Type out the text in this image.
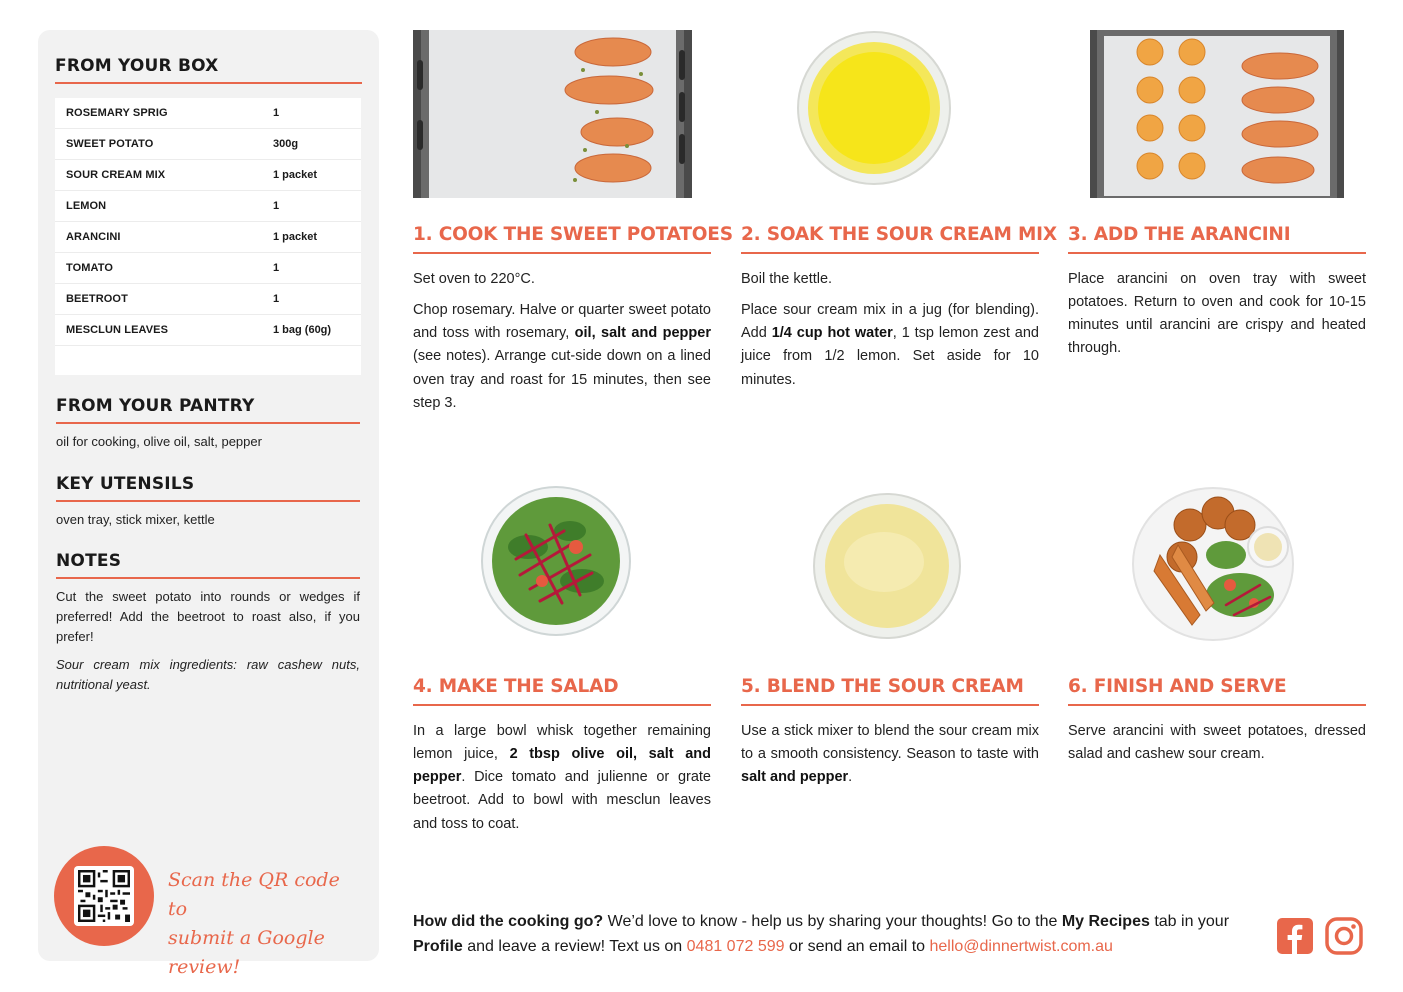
FROM YOUR BOX
ROSEMARY SPRIG	1
SWEET POTATO	300g
SOUR CREAM MIX	1 packet
LEMON	1
ARANCINI	1 packet
TOMATO	1
BEETROOT	1
MESCLUN LEAVES	1 bag (60g)
FROM YOUR PANTRY
oil for cooking, olive oil, salt, pepper
KEY UTENSILS
oven tray, stick mixer, kettle
NOTES
Cut the sweet potato into rounds or wedges if preferred! Add the beetroot to roast also, if you prefer!
Sour cream mix ingredients: raw cashew nuts, nutritional yeast.
Scan the QR code to
submit a Google review!
1. COOK THE SWEET POTATOES

Set oven to 220°C.

Chop rosemary. Halve or quarter sweet potato and toss with rosemary, oil, salt and pepper (see notes). Arrange cut-side down on a lined oven tray and roast for 15 minutes, then see step 3.

2. SOAK THE SOUR CREAM MIX

Boil the kettle.

Place sour cream mix in a jug (for blending). Add 1/4 cup hot water, 1 tsp lemon zest and juice from 1/2 lemon. Set aside for 10 minutes.

3. ADD THE ARANCINI

Place arancini on oven tray with sweet potatoes. Return to oven and cook for 10-15 minutes until arancini are crispy and heated through.

4. MAKE THE SALAD

In a large bowl whisk together remaining lemon juice, 2 tbsp olive oil, salt and pepper. Dice tomato and julienne or grate beetroot. Add to bowl with mesclun leaves and toss to coat.

5. BLEND THE SOUR CREAM

Use a stick mixer to blend the sour cream mix to a smooth consistency. Season to taste with salt and pepper.

6. FINISH AND SERVE

Serve arancini with sweet potatoes, dressed salad and cashew sour cream.

How did the cooking go? We’d love to know - help us by sharing your thoughts! Go to the My Recipes tab in your Profile and leave a review! Text us on 0481 072 599 or send an email to hello@dinnertwist.com.au
